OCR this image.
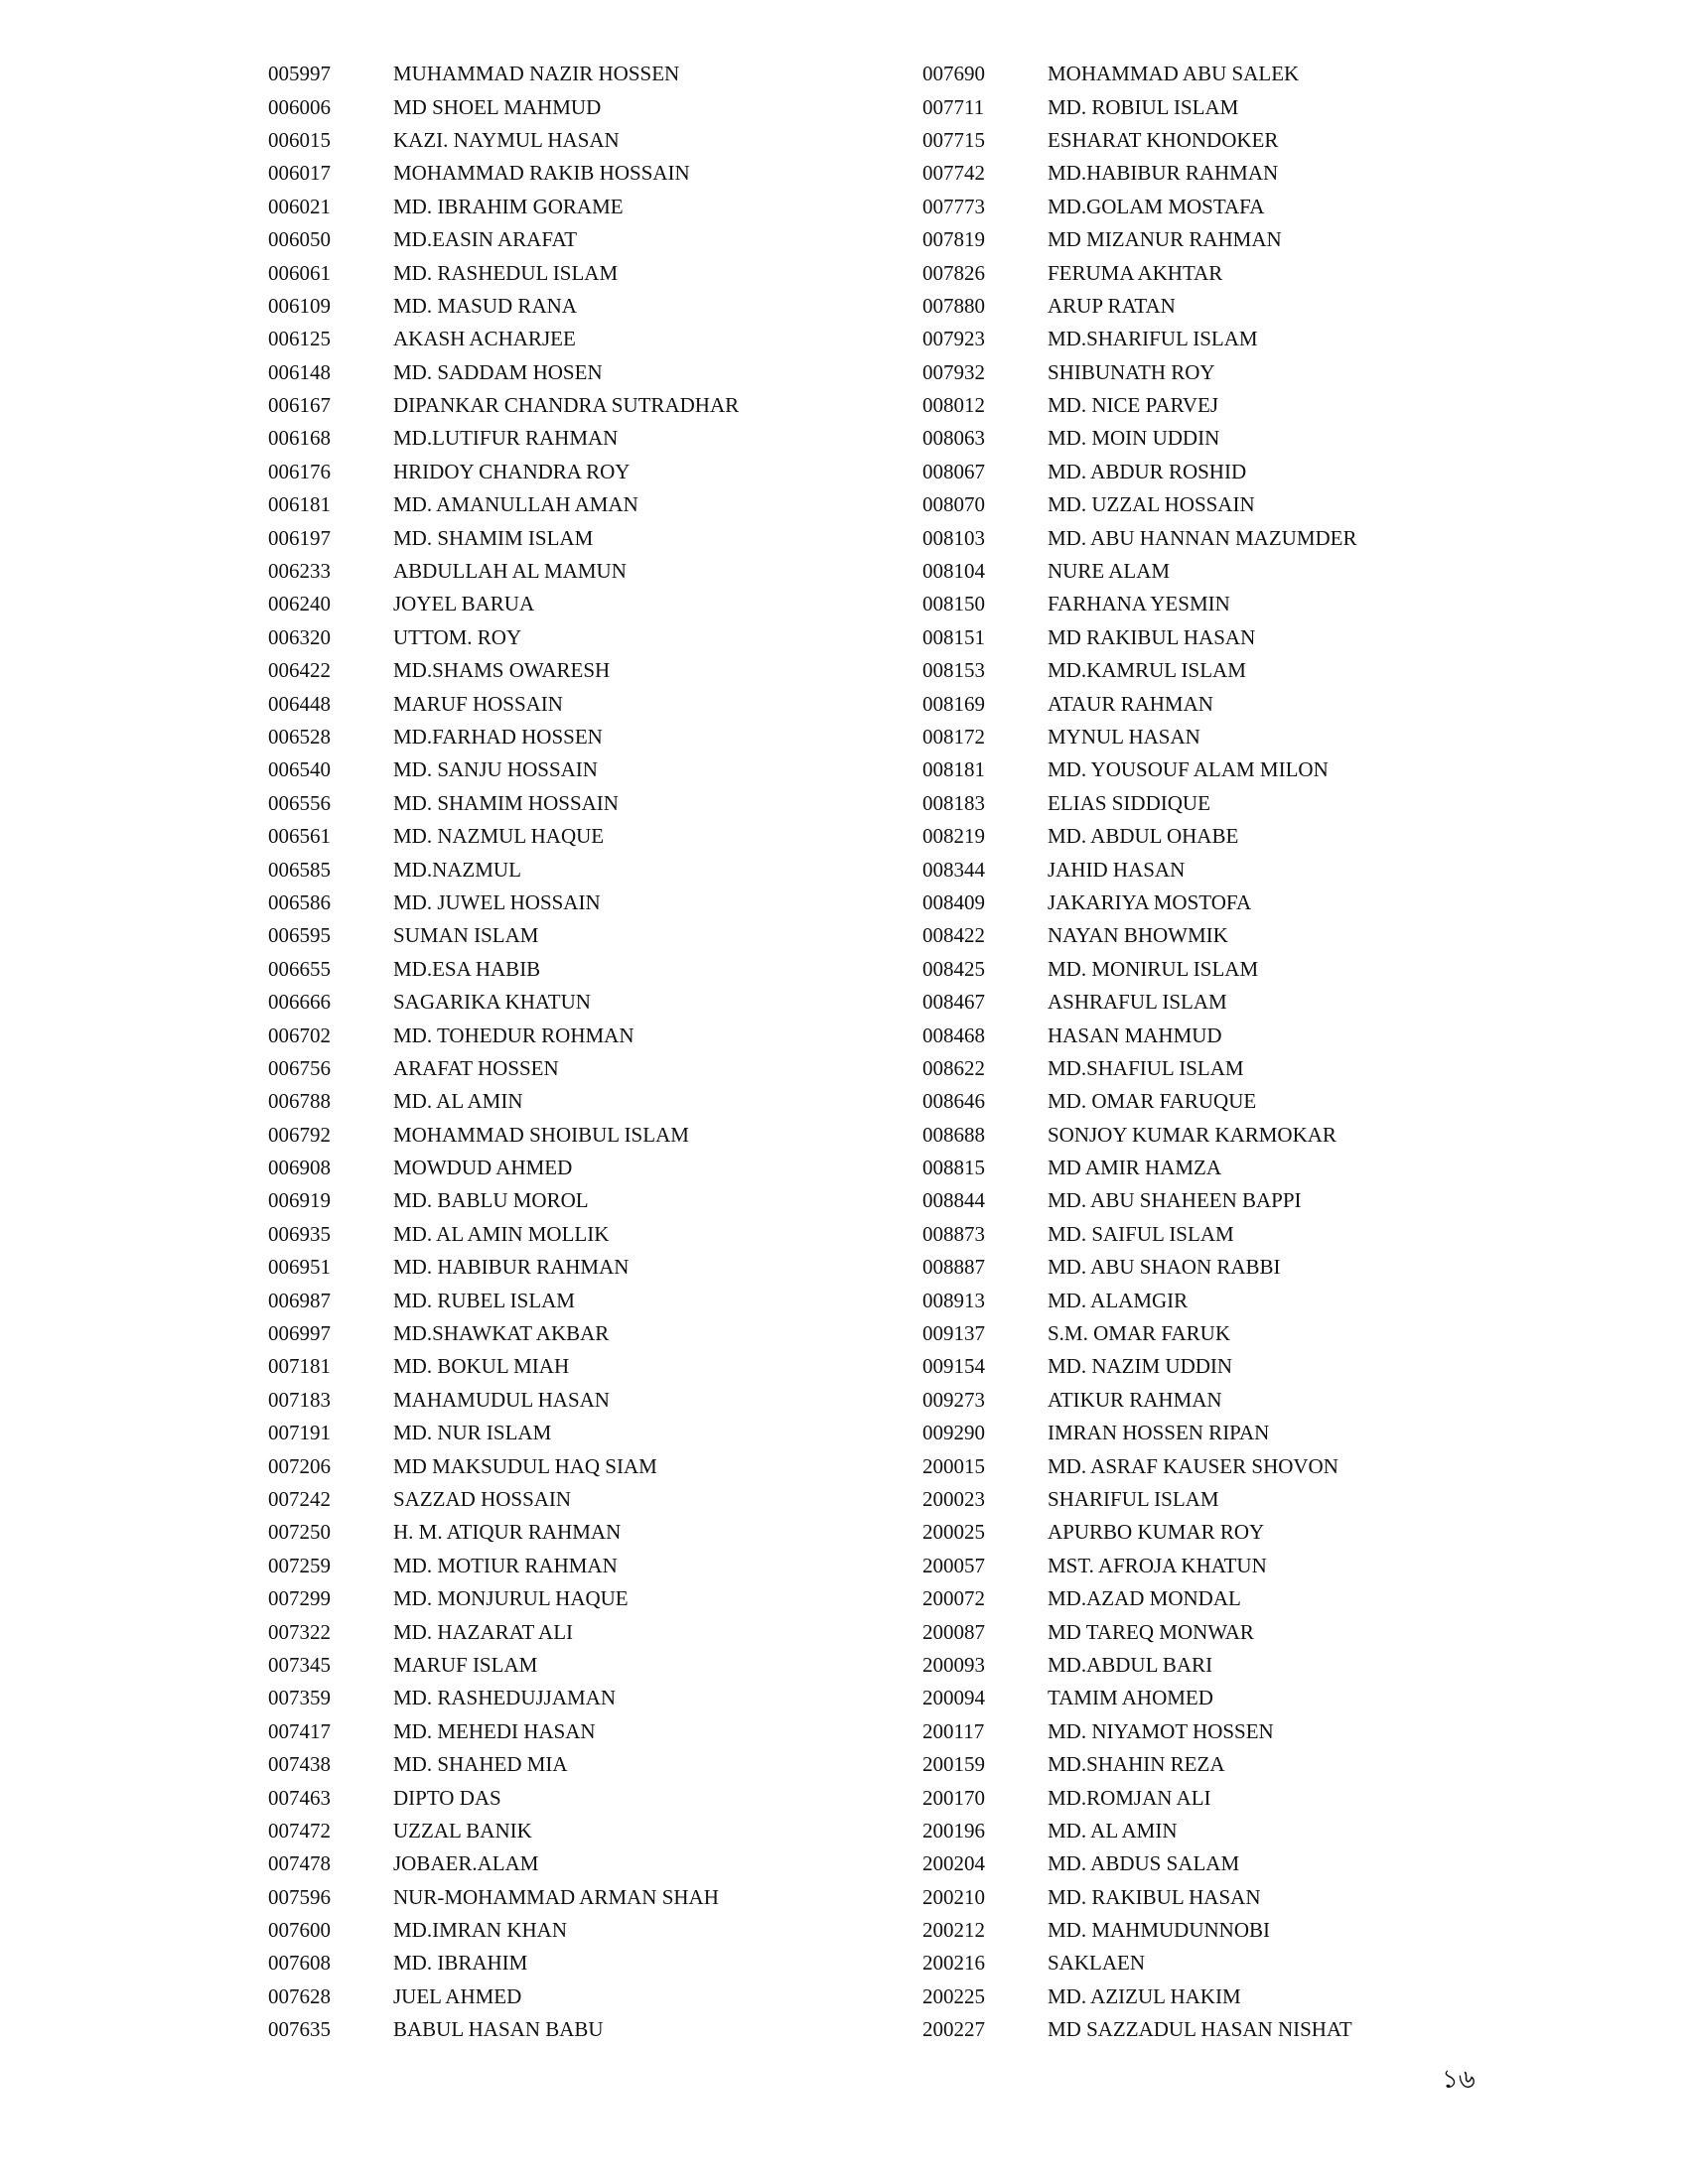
005997	MUHAMMAD NAZIR HOSSEN
006006	MD SHOEL MAHMUD
006015	KAZI. NAYMUL HASAN
006017	MOHAMMAD RAKIB HOSSAIN
006021	MD. IBRAHIM GORAME
006050	MD.EASIN ARAFAT
006061	MD. RASHEDUL ISLAM
006109	MD. MASUD RANA
006125	AKASH ACHARJEE
006148	MD. SADDAM HOSEN
006167	DIPANKAR CHANDRA SUTRADHAR
006168	MD.LUTIFUR RAHMAN
006176	HRIDOY CHANDRA ROY
006181	MD. AMANULLAH AMAN
006197	MD. SHAMIM ISLAM
006233	ABDULLAH AL MAMUN
006240	JOYEL BARUA
006320	UTTOM. ROY
006422	MD.SHAMS OWARESH
006448	MARUF HOSSAIN
006528	MD.FARHAD HOSSEN
006540	MD. SANJU HOSSAIN
006556	MD. SHAMIM HOSSAIN
006561	MD. NAZMUL HAQUE
006585	MD.NAZMUL
006586	MD. JUWEL HOSSAIN
006595	SUMAN ISLAM
006655	MD.ESA HABIB
006666	SAGARIKA KHATUN
006702	MD. TOHEDUR ROHMAN
006756	ARAFAT HOSSEN
006788	MD. AL AMIN
006792	MOHAMMAD SHOIBUL ISLAM
006908	MOWDUD AHMED
006919	MD. BABLU MOROL
006935	MD. AL AMIN MOLLIK
006951	MD. HABIBUR RAHMAN
006987	MD. RUBEL ISLAM
006997	MD.SHAWKAT AKBAR
007181	MD. BOKUL MIAH
007183	MAHAMUDUL HASAN
007191	MD. NUR ISLAM
007206	MD MAKSUDUL HAQ SIAM
007242	SAZZAD HOSSAIN
007250	H. M. ATIQUR RAHMAN
007259	MD. MOTIUR RAHMAN
007299	MD. MONJURUL HAQUE
007322	MD. HAZARAT ALI
007345	MARUF ISLAM
007359	MD. RASHEDUJJAMAN
007417	MD. MEHEDI HASAN
007438	MD. SHAHED MIA
007463	DIPTO DAS
007472	UZZAL BANIK
007478	JOBAER.ALAM
007596	NUR-MOHAMMAD ARMAN SHAH
007600	MD.IMRAN KHAN
007608	MD. IBRAHIM
007628	JUEL AHMED
007635	BABUL HASAN BABU
007690	MOHAMMAD ABU SALEK
007711	MD. ROBIUL ISLAM
007715	ESHARAT KHONDOKER
007742	MD.HABIBUR RAHMAN
007773	MD.GOLAM MOSTAFA
007819	MD MIZANUR RAHMAN
007826	FERUMA AKHTAR
007880	ARUP RATAN
007923	MD.SHARIFUL ISLAM
007932	SHIBUNATH ROY
008012	MD. NICE PARVEJ
008063	MD. MOIN UDDIN
008067	MD. ABDUR ROSHID
008070	MD. UZZAL HOSSAIN
008103	MD. ABU HANNAN MAZUMDER
008104	NURE ALAM
008150	FARHANA YESMIN
008151	MD RAKIBUL HASAN
008153	MD.KAMRUL ISLAM
008169	ATAUR RAHMAN
008172	MYNUL HASAN
008181	MD. YOUSOUF ALAM MILON
008183	ELIAS SIDDIQUE
008219	MD. ABDUL OHABE
008344	JAHID HASAN
008409	JAKARIYA MOSTOFA
008422	NAYAN BHOWMIK
008425	MD. MONIRUL ISLAM
008467	ASHRAFUL ISLAM
008468	HASAN MAHMUD
008622	MD.SHAFIUL ISLAM
008646	MD. OMAR FARUQUE
008688	SONJOY KUMAR KARMOKAR
008815	MD AMIR HAMZA
008844	MD. ABU SHAHEEN BAPPI
008873	MD. SAIFUL ISLAM
008887	MD. ABU SHAON RABBI
008913	MD. ALAMGIR
009137	S.M. OMAR FARUK
009154	MD. NAZIM UDDIN
009273	ATIKUR RAHMAN
009290	IMRAN HOSSEN RIPAN
200015	MD. ASRAF KAUSER SHOVON
200023	SHARIFUL ISLAM
200025	APURBO KUMAR ROY
200057	MST. AFROJA KHATUN
200072	MD.AZAD MONDAL
200087	MD TAREQ MONWAR
200093	MD.ABDUL BARI
200094	TAMIM AHOMED
200117	MD. NIYAMOT HOSSEN
200159	MD.SHAHIN REZA
200170	MD.ROMJAN ALI
200196	MD. AL AMIN
200204	MD. ABDUS SALAM
200210	MD. RAKIBUL HASAN
200212	MD. MAHMUDUNNOBI
200216	SAKLAEN
200225	MD. AZIZUL HAKIM
200227	MD SAZZADUL HASAN NISHAT
১৬
